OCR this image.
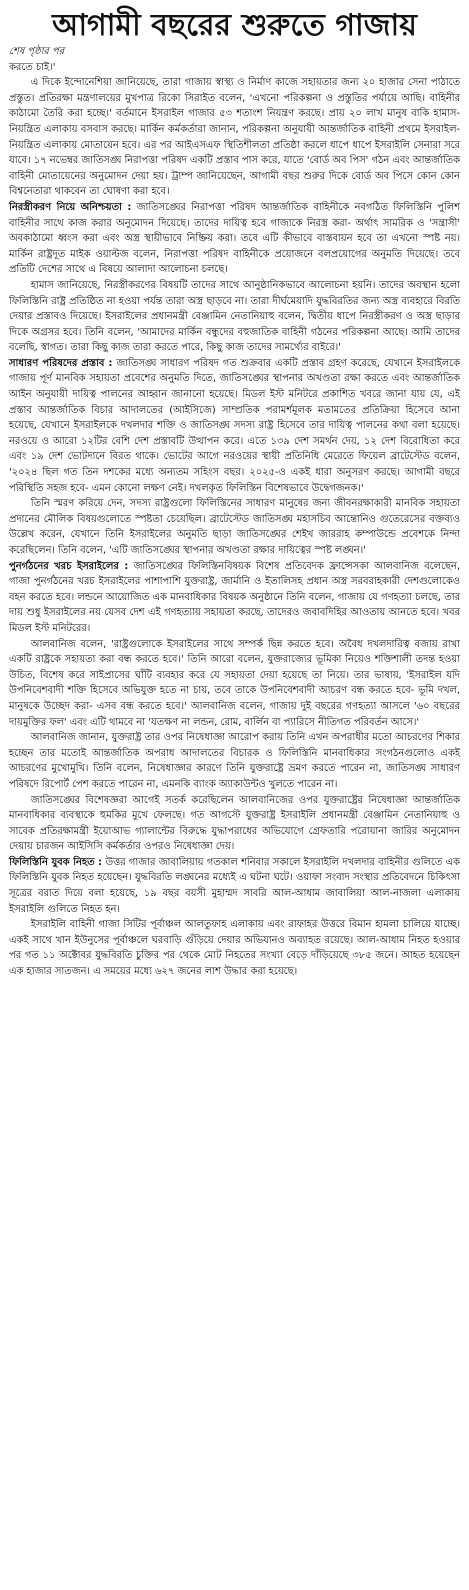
আগামী বছরের শুরুতে গাজায়

শেষ পৃষ্ঠার পর

করতে চাই।'

এ দিকে ইন্দোনেশিয়া জানিয়েছে, তারা গাজায় স্বাস্থ্য ও নির্মাণ কাজে সহায়তার জন্য ২০ হাজার সেনা পাঠাতে প্রস্তুত। প্রতিরক্ষা মন্ত্রণালয়ের মুখপাত্র রিকো সিরাইত বলেন, 'এখনো পরিকল্পনা ও প্রস্তুতির পর্যায়ে আছি। বাহিনীর কাঠামো তৈরি করা হচ্ছে।' বর্তমানে ইসরাইল গাজার ৫৩ শতাংশ নিয়ন্ত্রণ করছে। প্রায় ২০ লাখ মানুষ বাকি হামাস-নিয়ন্ত্রিত এলাকায় বসবাস করছে। মার্কিন কর্মকর্তারা জানান, পরিকল্পনা অনুযায়ী আন্তর্জাতিক বাহিনী প্রথমে ইসরাইল-নিয়ন্ত্রিত এলাকায় মোতায়েন হবে। এর পর আইএসএফ স্থিতিশীলতা প্রতিষ্ঠা করলে ধাপে ধাপে ইসরাইলি সেনারা সরে যাবে। ১৭ নভেম্বর জাতিসঙ্ঘ নিরাপত্তা পরিষদ একটি প্রস্তাব পাস করে, যাতে 'বোর্ড অব পিস' গঠন এবং আন্তর্জাতিক বাহিনী মোতায়েনের অনুমোদন দেয়া হয়। ট্রাম্প জানিয়েছেন, আগামী বছর শুরুর দিকে বোর্ড অব পিসে কোন কোন বিশ্বনেতারা থাকবেন তা ঘোষণা করা হবে।

নিরস্ত্রীকরণ নিয়ে অনিশ্চয়তা : জাতিসঙ্ঘের নিরাপত্তা পরিষদ আন্তর্জাতিক বাহিনীকে নবগঠিত ফিলিস্তিনি পুলিশ বাহিনীর সাথে কাজ করার অনুমোদন দিয়েছে। তাদের দায়িত্ব হবে গাজাকে নিরস্ত্র করা- অর্থাৎ সামরিক ও 'সন্ত্রাসী' অবকাঠামো ধ্বংস করা এবং অস্ত্র স্থায়ীভাবে নিষ্ক্রিয় করা। তবে এটি কীভাবে বাস্তবায়ন হবে তা এখনো স্পষ্ট নয়। মার্কিন রাষ্ট্রদূত মাইক ওয়াল্টজ বলেন, নিরাপত্তা পরিষদ বাহিনীকে প্রয়োজনে বলপ্রয়োগের অনুমতি দিয়েছে। তবে প্রতিটি দেশের সাথে এ বিষয়ে আলাদা আলোচনা চলছে।

হামাস জানিয়েছে, নিরস্ত্রীকরণের বিষয়টি তাদের সাথে আনুষ্ঠানিকভাবে আলোচনা হয়নি। তাদের অবস্থান হলো ফিলিস্তিনি রাষ্ট্র প্রতিষ্ঠিত না হওয়া পর্যন্ত তারা অস্ত্র ছাড়বে না। তারা দীর্ঘমেয়াদি যুদ্ধবিরতির জন্য অস্ত্র ব্যবহারে বিরতি দেয়ার প্রস্তাবও দিয়েছে। ইসরাইলের প্রধানমন্ত্রী বেঞ্জামিন নেতানিয়াহু বলেন, দ্বিতীয় ধাপে নিরস্ত্রীকরণ ও অস্ত্র ছাড়ার দিকে অগ্রসর হবে। তিনি বলেন, 'আমাদের মার্কিন বন্ধুদের বহুজাতিক বাহিনী গঠনের পরিকল্পনা আছে। আমি তাদের বলেছি, স্বাগত। তারা কিছু কাজ তারা করতে পারে, কিছু কাজ তাদের সামর্থ্যের বাইরে।'

সাধারণ পরিষদের প্রস্তাব : জাতিসঙ্ঘ সাধারণ পরিষদ গত শুক্রবার একটি প্রস্তাব গ্রহণ করেছে, যেখানে ইসরাইলকে গাজায় পূর্ণ মানবিক সহায়তা প্রবেশের অনুমতি দিতে, জাতিসঙ্ঘের স্থাপনার অখণ্ডতা রক্ষা করতে এবং আন্তর্জাতিক আইন অনুযায়ী দায়িত্ব পালনের আহ্বান জানানো হয়েছে। মিডল ইস্ট মনিটরে প্রকাশিত খবরে জানা যায় যে, এই প্রস্তাব আন্তর্জাতিক বিচার আদালতের (আইসিজে) সাম্প্রতিক পরামর্শমূলক মতামতের প্রতিক্রিয়া হিসেবে আনা হয়েছে, যেখানে ইসরাইলকে দখলদার শক্তি ও জাতিসঙ্ঘ সদস্য রাষ্ট্র হিসেবে তার দায়িত্ব পালনের কথা বলা হয়েছে। নরওয়ে ও আরো ১২টির বেশি দেশ প্রস্তাবটি উত্থাপন করে। এতে ১৩৯ দেশ সমর্থন দেয়, ১২ দেশ বিরোধিতা করে এবং ১৯ দেশ ভোটদানে বিরত থাকে। ভোটের আগে নরওয়ের স্থায়ী প্রতিনিধি মেরেতে ফিয়েল ব্রাটেস্টেড বলেন, '২০২৪ ছিল গত তিন দশকের মধ্যে অন্যতম সহিংস বছর। ২০২৫-ও একই ধারা অনুসরণ করছে। আগামী বছরে পরিস্থিতি সহজ হবে- এমন কোনো লক্ষণ নেই। দখলকৃত ফিলিস্তিন বিশেষভাবে উদ্বেগজনক।'

তিনি স্মরণ করিয়ে দেন, সদস্য রাষ্ট্রগুলো ফিলিস্তিনের সাধারণ মানুষের জন্য জীবনরক্ষাকারী মানবিক সহায়তা প্রদানের মৌলিক বিষয়গুলোতে স্পষ্টতা চেয়েছিল। ব্রাটেস্টেড জাতিসঙ্ঘ মহাসচিব আন্তোনিও গুতেরেসের বক্তব্যও উল্লেখ করেন, যেখানে তিনি ইসরাইলের অনুমতি ছাড়া জাতিসঙ্ঘের শেইখ জাররাহ কম্পাউন্ডে প্রবেশকে নিন্দা করেছিলেন। তিনি বলেন, 'এটি জাতিসঙ্ঘের স্থাপনার অখণ্ডতা রক্ষার দায়িত্বের স্পষ্ট লঙ্ঘন।'

পুনর্গঠনের খরচ ইসরাইলের : জাতিসঙ্ঘের ফিলিস্তিনবিষয়ক বিশেষ প্রতিবেদক ফ্রান্সেসকা আলবানিজ বলেছেন, গাজা পুনর্গঠনের খরচ ইসরাইলের পাশাপাশি যুক্তরাষ্ট্র, জার্মানি ও ইতালিসহ প্রধান অস্ত্র সরবরাহকারী দেশগুলোকেও বহন করতে হবে। লন্ডনে আয়োজিত এক মানবাধিকার বিষয়ক অনুষ্ঠানে তিনি বলেন, গাজায় যে গণহত্যা চলছে, তার দায় শুধু ইসরাইলের নয় যেসব দেশ এই গণহত্যায় সহায়তা করছে, তাদেরও জবাবদিহির আওতায় আনতে হবে। খবর মিডল ইস্ট মনিটরের।

আলবানিজ বলেন, 'রাষ্ট্রগুলোকে ইসরাইলের সাথে সম্পর্ক ছিন্ন করতে হবে। অবৈধ দখলদারিত্ব বজায় রাখা একটি রাষ্ট্রকে সহায়তা করা বন্ধ করতে হবে।' তিনি আরো বলেন, যুক্তরাজ্যের ভূমিকা নিয়েও শক্তিশালী তদন্ত হওয়া উচিত, বিশেষ করে সাইপ্রাসের ঘাঁটি ব্যবহার করে যে সহায়তা দেয়া হয়েছে তা নিয়ে। তার ভাষায়, 'ইসরাইল যদি উপনিবেশবাদী শক্তি হিসেবে অভিযুক্ত হতে না চায়, তবে তাকে উপনিবেশবাদী আচরণ বন্ধ করতে হবে- ভূমি দখল, মানুষকে উচ্ছেদ করা- এসব বন্ধ করতে হবে।' আলবানিজ বলেন, গাজায় দুই বছরের গণহত্যা আসলে '৬০ বছরের দায়মুক্তির ফল' এবং এটি থামবে না 'যতক্ষণ না লন্ডন, রোম, বার্লিন বা প্যারিসে নীতিগত পরিবর্তন আসে।'

আলবানিজ জানান, যুক্তরাষ্ট্র তার ওপর নিষেধাজ্ঞা আরোপ করায় তিনি এখন অপরাধীর মতো আচরণের শিকার হচ্ছেন তার মতোই আন্তর্জাতিক অপরাধ আদালতের বিচারক ও ফিলিস্তিনি মানবাধিকার সংগঠনগুলোও একই আচরণের মুখোমুখি। তিনি বলেন, নিষেধাজ্ঞার কারণে তিনি যুক্তরাষ্ট্রে ভ্রমণ করতে পারেন না, জাতিসঙ্ঘ সাধারণ পরিষদে রিপোর্ট পেশ করতে পারেন না, এমনকি ব্যাংক অ্যাকাউন্টও খুলতে পারেন না।

জাতিসঙ্ঘের বিশেষজ্ঞরা আগেই সতর্ক করেছিলেন আলবানিজের ওপর যুক্তরাষ্ট্রের নিষেধাজ্ঞা আন্তর্জাতিক মানবাধিকার ব্যবস্থাকে হুমকির মুখে ফেলছে। গত আগস্টে যুক্তরাষ্ট্র ইসরাইলি প্রধানমন্ত্রী বেঞ্জামিন নেতানিয়াহু ও সাবেক প্রতিরক্ষামন্ত্রী ইয়োআভ গ্যালান্টের বিরুদ্ধে যুদ্ধাপরাধের অভিযোগে গ্রেফতারি পরোয়ানা জারির অনুমোদন দেয়ায় চারজন আইসিসি কর্মকর্তার ওপরও নিষেধাজ্ঞা দেয়।

ফিলিস্তিনি যুবক নিহত : উত্তর গাজার জাবালিয়ায় গতকাল শনিবার সকালে ইসরাইলি দখলদার বাহিনীর গুলিতে এক ফিলিস্তিনি যুবক নিহত হয়েছেন। যুদ্ধবিরতি লঙ্ঘনের মধ্যেই এ ঘটনা ঘটে। ওয়াফা সংবাদ সংস্থার প্রতিবেদনে চিকিৎসা সূত্রের বরাত দিয়ে বলা হয়েছে, ১৯ বছর বয়সী মুহাম্মদ সাবরি আল-আধাম জাবালিয়া আল-নাজলা এলাকায় ইসরাইলি গুলিতে নিহত হন।

ইসরাইলি বাহিনী গাজা সিটির পূর্বাঞ্চল আলতুফাহ এলাকায় এবং রাফাহর উত্তরে বিমান হামলা চালিয়ে যাচ্ছে। একই সাথে খান ইউনুসের পূর্বাঞ্চলে ঘরবাড়ি গুঁড়িয়ে দেয়ার অভিযানও অব্যাহত রয়েছে। আল-আধাম নিহত হওয়ার পর গত ১১ অক্টোবর যুদ্ধবিরতি চুক্তির পর থেকে মোট নিহতের সংখ্যা বেড়ে দাঁড়িয়েছে ৩৮৫ জনে। আহত হয়েছেন এক হাজার সাতজন। এ সময়ের মধ্যে ৬২৭ জনের লাশ উদ্ধার করা হয়েছে।
